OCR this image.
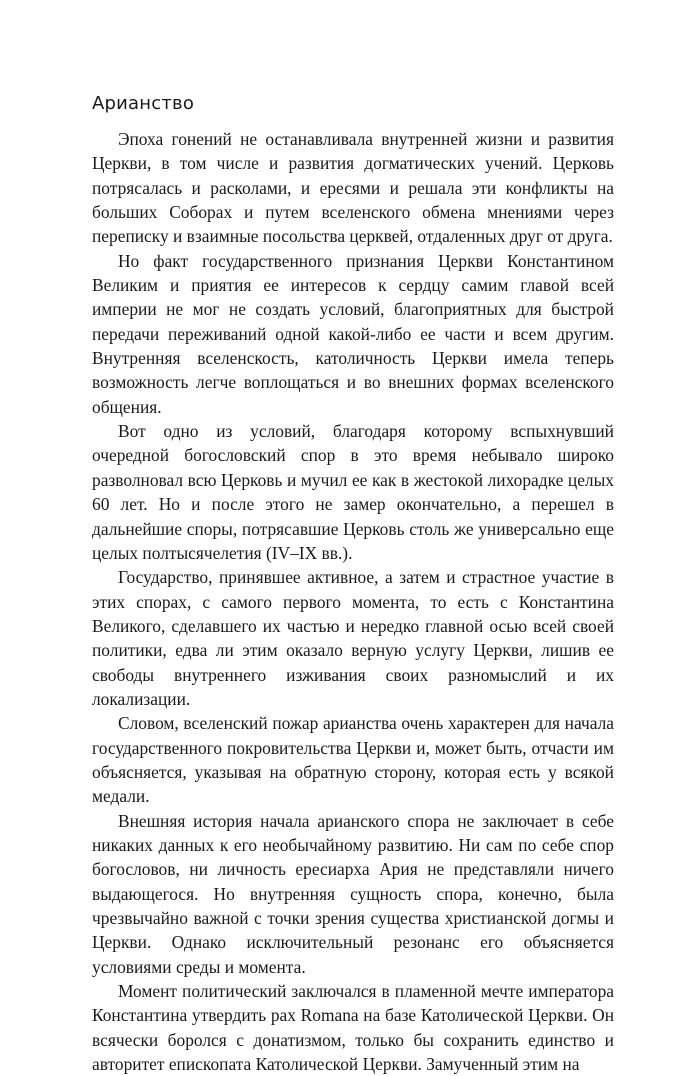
Арианство

Эпоха гонений не останавливала внутренней жизни и развития Церкви, в том числе и развития догматических учений. Церковь потрясалась и расколами, и ересями и решала эти конфликты на больших Соборах и путем вселенского обмена мнениями через переписку и взаимные посольства церквей, отдаленных друг от друга.

Но факт государственного признания Церкви Константином Великим и приятия ее интересов к сердцу самим главой всей империи не мог не создать условий, благоприятных для быстрой передачи переживаний одной какой-либо ее части и всем другим. Внутренняя вселенскость, католичность Церкви имела теперь возможность легче воплощаться и во внешних формах вселенского общения.

Вот одно из условий, благодаря которому вспыхнувший очередной богословский спор в это время небывало широко разволновал всю Церковь и мучил ее как в жестокой лихорадке целых 60 лет. Но и после этого не замер окончательно, а перешел в дальнейшие споры, потрясавшие Церковь столь же универсально еще целых полтысячелетия (IV–IX вв.).

Государство, принявшее активное, а затем и страстное участие в этих спорах, с самого первого момента, то есть с Константина Великого, сделавшего их частью и нередко главной осью всей своей политики, едва ли этим оказало верную услугу Церкви, лишив ее свободы внутреннего изживания своих разномыслий и их локализации.

Словом, вселенский пожар арианства очень характерен для начала государственного покровительства Церкви и, может быть, отчасти им объясняется, указывая на обратную сторону, которая есть у всякой медали.

Внешняя история начала арианского спора не заключает в себе никаких данных к его необычайному развитию. Ни сам по себе спор богословов, ни личность ересиарха Ария не представляли ничего выдающегося. Но внутренняя сущность спора, конечно, была чрезвычайно важной с точки зрения существа христианской догмы и Церкви. Однако исключительный резонанс его объясняется условиями среды и момента.

Момент политический заключался в пламенной мечте императора Константина утвердить pax Romana на базе Католической Церкви. Он всячески боролся с донатизмом, только бы сохранить единство и авторитет епископата Католической Церкви. Замученный этим на
